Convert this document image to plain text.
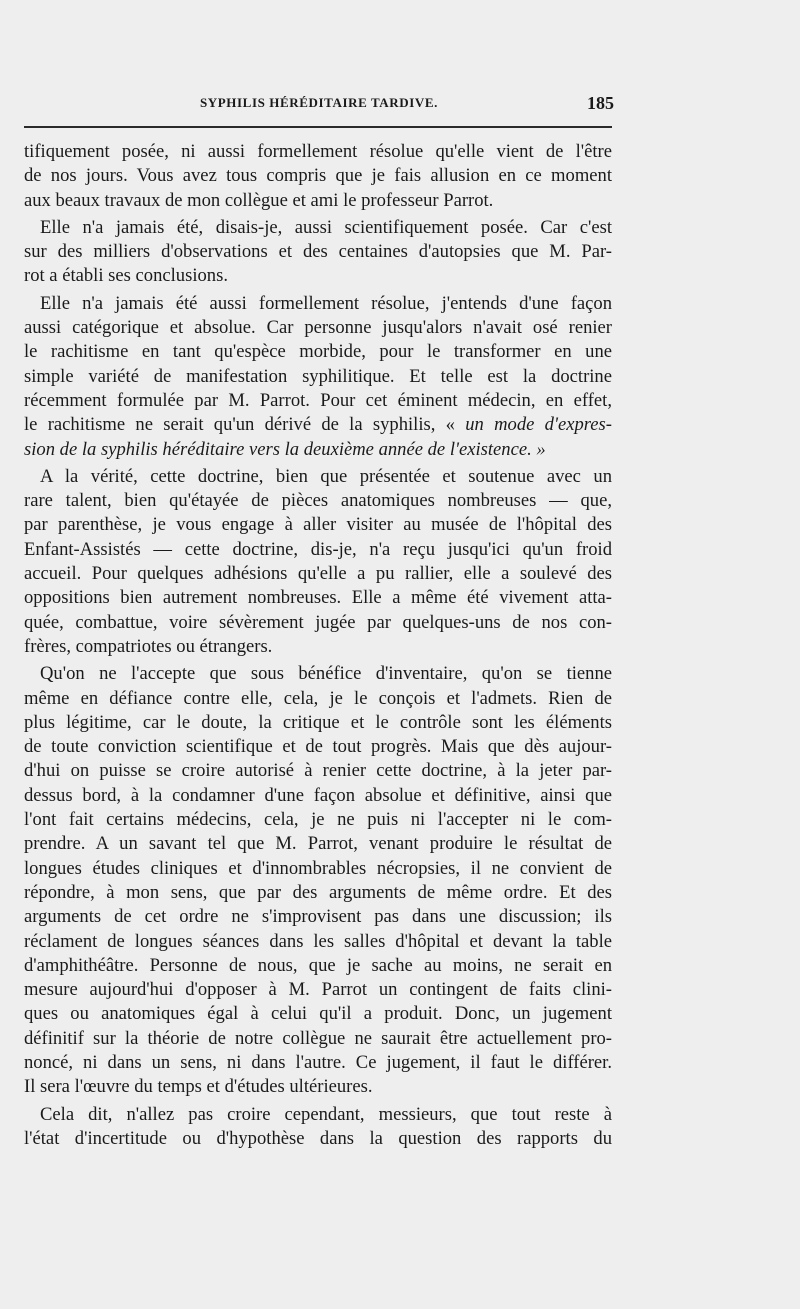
SYPHILIS HÉRÉDITAIRE TARDIVE.	185
tifiquement posée, ni aussi formellement résolue qu'elle vient de l'être
de nos jours. Vous avez tous compris que je fais allusion en ce moment
aux beaux travaux de mon collègue et ami le professeur Parrot.
Elle n'a jamais été, disais-je, aussi scientifiquement posée. Car c'est
sur des milliers d'observations et des centaines d'autopsies que M. Par-
rot a établi ses conclusions.
Elle n'a jamais été aussi formellement résolue, j'entends d'une façon
aussi catégorique et absolue. Car personne jusqu'alors n'avait osé renier
le rachitisme en tant qu'espèce morbide, pour le transformer en une
simple variété de manifestation syphilitique. Et telle est la doctrine
récemment formulée par M. Parrot. Pour cet éminent médecin, en effet,
le rachitisme ne serait qu'un dérivé de la syphilis, « un mode d'expres-
sion de la syphilis héréditaire vers la deuxième année de l'existence. »
A la vérité, cette doctrine, bien que présentée et soutenue avec un
rare talent, bien qu'étayée de pièces anatomiques nombreuses — que,
par parenthèse, je vous engage à aller visiter au musée de l'hôpital des
Enfant-Assistés — cette doctrine, dis-je, n'a reçu jusqu'ici qu'un froid
accueil. Pour quelques adhésions qu'elle a pu rallier, elle a soulevé des
oppositions bien autrement nombreuses. Elle a même été vivement atta-
quée, combattue, voire sévèrement jugée par quelques-uns de nos con-
frères, compatriotes ou étrangers.
Qu'on ne l'accepte que sous bénéfice d'inventaire, qu'on se tienne
même en défiance contre elle, cela, je le conçois et l'admets. Rien de
plus légitime, car le doute, la critique et le contrôle sont les éléments
de toute conviction scientifique et de tout progrès. Mais que dès aujour-
d'hui on puisse se croire autorisé à renier cette doctrine, à la jeter par-
dessus bord, à la condamner d'une façon absolue et définitive, ainsi que
l'ont fait certains médecins, cela, je ne puis ni l'accepter ni le com-
prendre. A un savant tel que M. Parrot, venant produire le résultat de
longues études cliniques et d'innombrables nécropsies, il ne convient de
répondre, à mon sens, que par des arguments de même ordre. Et des
arguments de cet ordre ne s'improvisent pas dans une discussion; ils
réclament de longues séances dans les salles d'hôpital et devant la table
d'amphithéâtre. Personne de nous, que je sache au moins, ne serait en
mesure aujourd'hui d'opposer à M. Parrot un contingent de faits clini-
ques ou anatomiques égal à celui qu'il a produit. Donc, un jugement
définitif sur la théorie de notre collègue ne saurait être actuellement pro-
noncé, ni dans un sens, ni dans l'autre. Ce jugement, il faut le différer.
Il sera l'œuvre du temps et d'études ultérieures.
Cela dit, n'allez pas croire cependant, messieurs, que tout reste à
l'état d'incertitude ou d'hypothèse dans la question des rapports du
